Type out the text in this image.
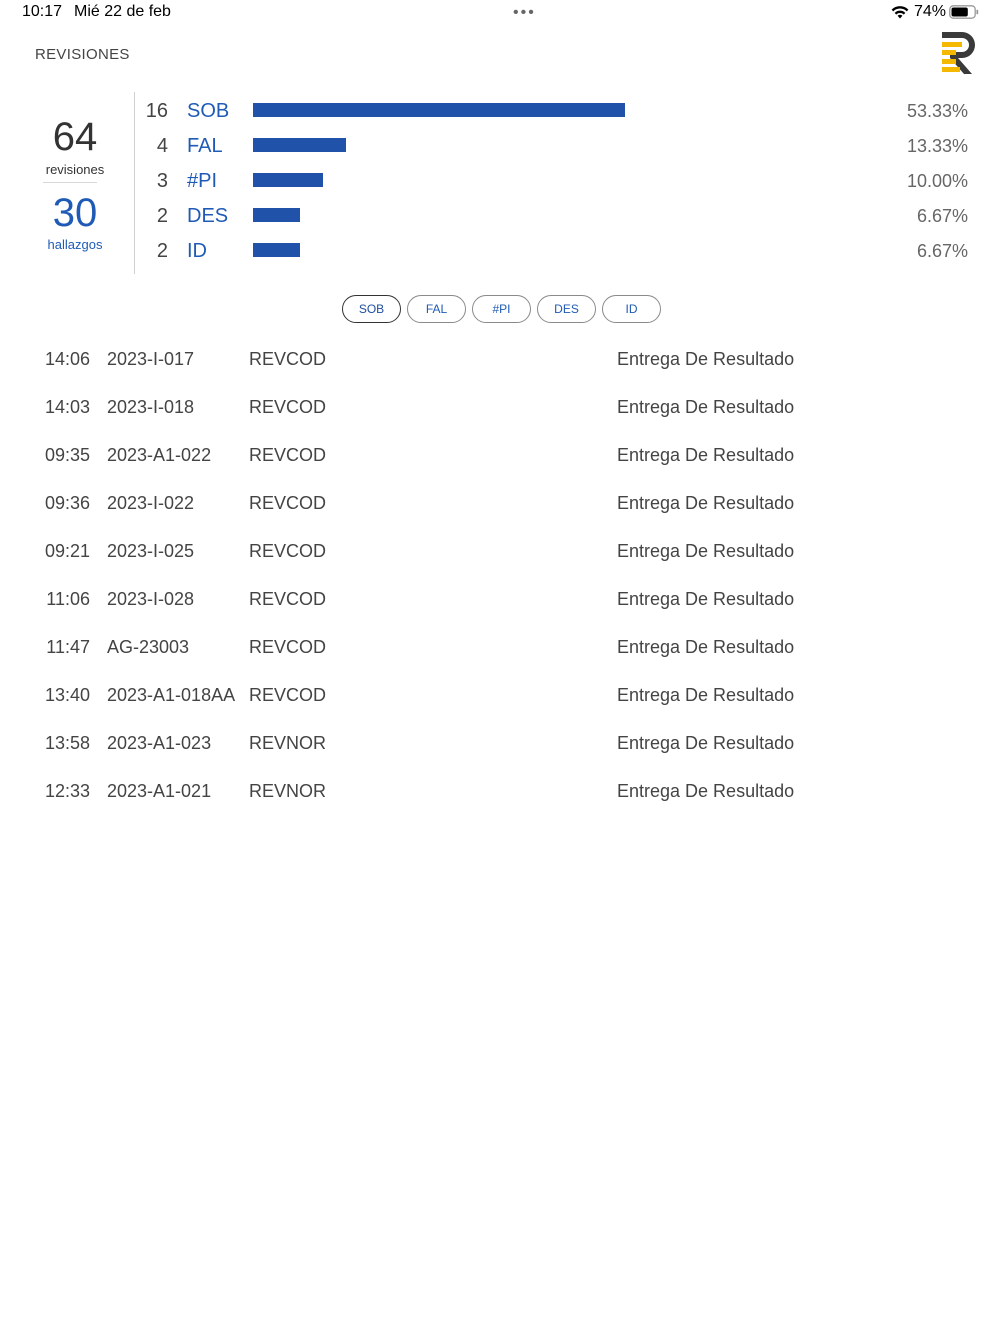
10:17 Mié 22 de feb	•••	74%
REVISIONES
64
revisiones
30
hallazgos
16 SOB	53.33%
4 FAL	13.33%
3 #PI	10.00%
2 DES	6.67%
2 ID	6.67%
SOB	FAL	#PI	DES	ID
14:06 2023-I-017	REVCOD	Entrega De Resultado
14:03 2023-I-018	REVCOD	Entrega De Resultado
09:35 2023-A1-022 REVCOD	Entrega De Resultado
09:36 2023-I-022	REVCOD	Entrega De Resultado
09:21 2023-I-025	REVCOD	Entrega De Resultado
11:06 2023-I-028	REVCOD	Entrega De Resultado
11:47 AG-23003	REVCOD	Entrega De Resultado
13:40 2023-A1-018AA REVCOD	Entrega De Resultado
13:58 2023-A1-023 REVNOR	Entrega De Resultado
12:33 2023-A1-021 REVNOR	Entrega De Resultado
